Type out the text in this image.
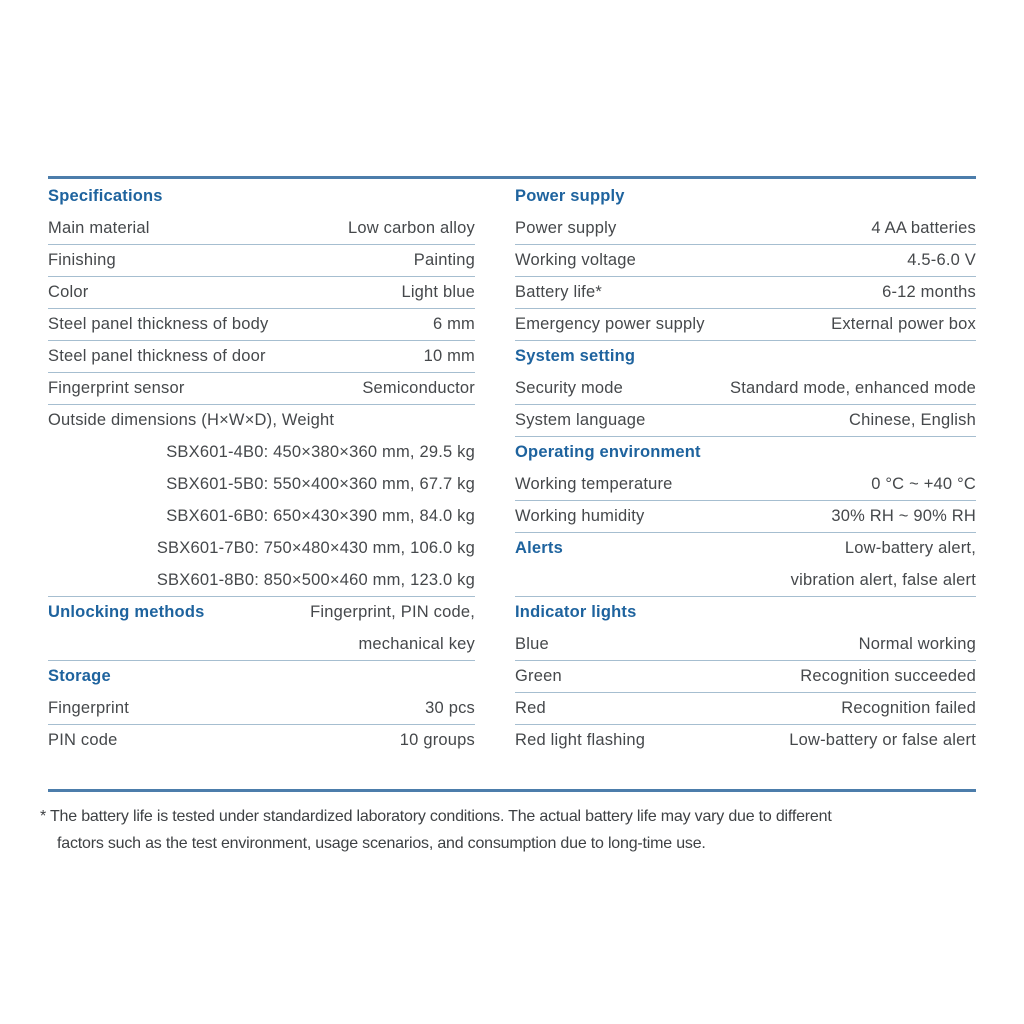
Specifications
Main material	Low carbon alloy
Finishing	Painting
Color	Light blue
Steel panel thickness of body	6 mm
Steel panel thickness of door	10 mm
Fingerprint sensor	Semiconductor
Outside dimensions (H×W×D), Weight
SBX601-4B0: 450×380×360 mm, 29.5 kg
SBX601-5B0: 550×400×360 mm, 67.7 kg
SBX601-6B0: 650×430×390 mm, 84.0 kg
SBX601-7B0: 750×480×430 mm, 106.0 kg
SBX601-8B0: 850×500×460 mm, 123.0 kg
Unlocking methods	Fingerprint, PIN code,
mechanical key
Storage
Fingerprint	30 pcs
PIN code	10 groups
Power supply
Power supply	4 AA batteries
Working voltage	4.5-6.0 V
Battery life*	6-12 months
Emergency power supply	External power box
System setting
Security mode	Standard mode, enhanced mode
System language	Chinese, English
Operating environment
Working temperature	0 °C ~ +40 °C
Working humidity	30% RH ~ 90% RH
Alerts	Low-battery alert,
vibration alert, false alert
Indicator lights
Blue	Normal working
Green	Recognition succeeded
Red	Recognition failed
Red light flashing	Low-battery or false alert
* The battery life is tested under standardized laboratory conditions. The actual battery life may vary due to different
factors such as the test environment, usage scenarios, and consumption due to long-time use.
